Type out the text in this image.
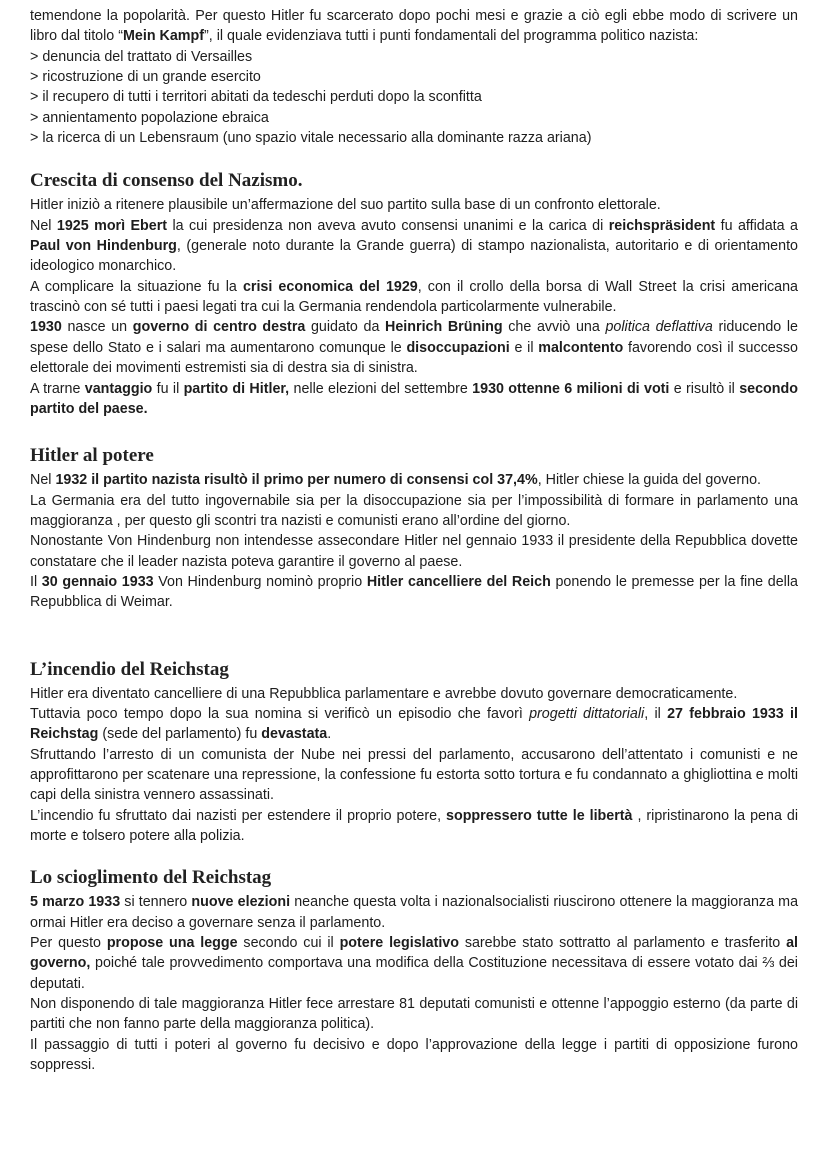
temendone la popolarità. Per questo Hitler fu scarcerato dopo pochi mesi e grazie a ciò egli ebbe modo di scrivere un libro dal titolo “Mein Kampf”, il quale evidenziava tutti i punti fondamentali del programma politico nazista:

> denuncia del trattato di Versailles

> ricostruzione di un grande esercito

> il recupero di tutti i territori abitati da tedeschi perduti dopo la sconfitta

> annientamento popolazione ebraica

> la ricerca di un Lebensraum (uno spazio vitale necessario alla dominante razza ariana)

Crescita di consenso del Nazismo.

Hitler iniziò a ritenere plausibile un’affermazione del suo partito sulla base di un confronto elettorale.

Nel 1925 morì Ebert la cui presidenza non aveva avuto consensi unanimi e la carica di reichspräsident fu affidata a Paul von Hindenburg, (generale noto durante la Grande guerra) di stampo nazionalista, autoritario e di orientamento ideologico monarchico.

A complicare la situazione fu la crisi economica del 1929, con il crollo della borsa di Wall Street la crisi americana trascinò con sé tutti i paesi legati tra cui la Germania rendendola particolarmente vulnerabile.

1930 nasce un governo di centro destra guidato da Heinrich Brüning che avviò una politica deflattiva riducendo le spese dello Stato e i salari ma aumentarono comunque le disoccupazioni e il malcontento favorendo così il successo elettorale dei movimenti estremisti sia di destra sia di sinistra.

A trarne vantaggio fu il partito di Hitler, nelle elezioni del settembre 1930 ottenne 6 milioni di voti e risultò il secondo partito del paese.

Hitler al potere

Nel 1932 il partito nazista risultò il primo per numero di consensi col 37,4%, Hitler chiese la guida del governo.

La Germania era del tutto ingovernabile sia per la disoccupazione sia per l’impossibilità di formare in parlamento una maggioranza , per questo gli scontri tra nazisti e comunisti erano all’ordine del giorno.

Nonostante Von Hindenburg non intendesse assecondare Hitler nel gennaio 1933 il presidente della Repubblica dovette constatare che il leader nazista poteva garantire il governo al paese.

Il 30 gennaio 1933 Von Hindenburg nominò proprio Hitler cancelliere del Reich ponendo le premesse per la fine della Repubblica di Weimar.

L’incendio del Reichstag

Hitler era diventato cancelliere di una Repubblica parlamentare e avrebbe dovuto governare democraticamente.

Tuttavia poco tempo dopo la sua nomina si verificò un episodio che favorì progetti dittatoriali, il 27 febbraio 1933 il Reichstag (sede del parlamento) fu devastata.

Sfruttando l’arresto di un comunista der Nube nei pressi del parlamento, accusarono dell’attentato i comunisti e ne approfittarono per scatenare una repressione, la confessione fu estorta sotto tortura e fu condannato a ghigliottina e molti capi della sinistra vennero assassinati.

L’incendio fu sfruttato dai nazisti per estendere il proprio potere, soppressero tutte le libertà , ripristinarono la pena di morte e tolsero potere alla polizia.

Lo scioglimento del Reichstag

5 marzo 1933 si tennero nuove elezioni neanche questa volta i nazionalsocialisti riuscirono ottenere la maggioranza ma ormai Hitler era deciso a governare senza il parlamento.

Per questo propose una legge secondo cui il potere legislativo sarebbe stato sottratto al parlamento e trasferito al governo, poiché tale provvedimento comportava una modifica della Costituzione necessitava di essere votato dai ⅔ dei deputati.

Non disponendo di tale maggioranza Hitler fece arrestare 81 deputati comunisti e ottenne l’appoggio esterno (da parte di partiti che non fanno parte della maggioranza politica).

Il passaggio di tutti i poteri al governo fu decisivo e dopo l’approvazione della legge i partiti di opposizione furono soppressi.
